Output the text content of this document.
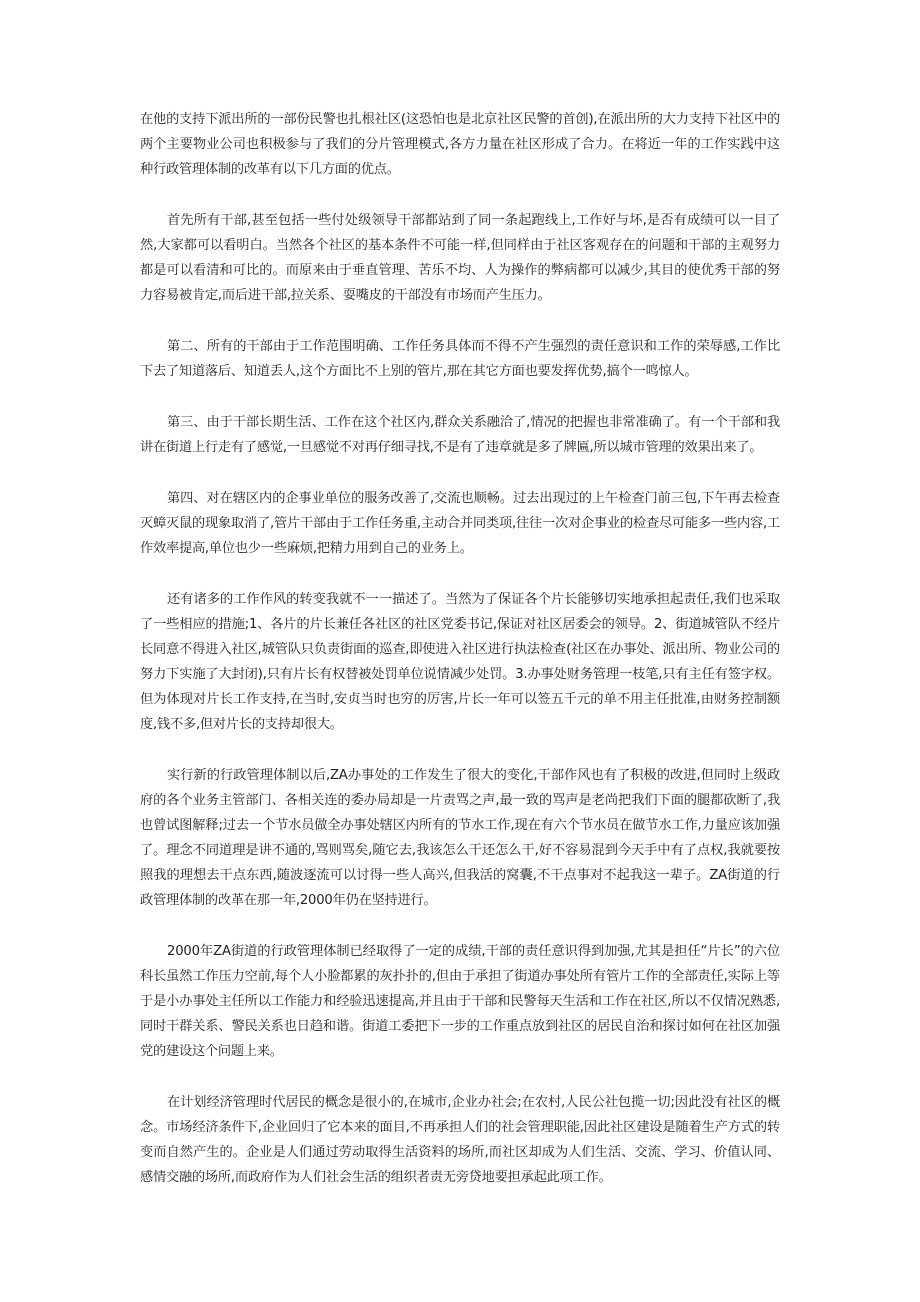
在他的支持下派出所的一部份民警也扎根社区(这恐怕也是北京社区民警的首创),在派出所的大力支持下社区中的两个主要物业公司也积极参与了我们的分片管理模式,各方力量在社区形成了合力。在将近一年的工作实践中这种行政管理体制的改革有以下几方面的优点。

首先所有干部,甚至包括一些付处级领导干部都站到了同一条起跑线上,工作好与坏,是否有成绩可以一目了然,大家都可以看明白。当然各个社区的基本条件不可能一样,但同样由于社区客观存在的问题和干部的主观努力都是可以看清和可比的。而原来由于垂直管理、苦乐不均、人为操作的弊病都可以减少,其目的使优秀干部的努力容易被肯定,而后进干部,拉关系、耍嘴皮的干部没有市场而产生压力。

第二、所有的干部由于工作范围明确、工作任务具体而不得不产生强烈的责任意识和工作的荣辱感,工作比下去了知道落后、知道丢人,这个方面比不上别的管片,那在其它方面也要发挥优势,搞个一鸣惊人。

第三、由于干部长期生活、工作在这个社区内,群众关系融洽了,情况的把握也非常准确了。有一个干部和我讲在街道上行走有了感觉,一旦感觉不对再仔细寻找,不是有了违章就是多了牌匾,所以城市管理的效果出来了。

第四、对在辖区内的企事业单位的服务改善了,交流也顺畅。过去出现过的上午检查门前三包,下午再去检查灭蟑灭鼠的现象取消了,管片干部由于工作任务重,主动合并同类项,往往一次对企事业的检查尽可能多一些内容,工作效率提高,单位也少一些麻烦,把精力用到自己的业务上。

还有诸多的工作作风的转变我就不一一描述了。当然为了保证各个片长能够切实地承担起责任,我们也采取了一些相应的措施;1、各片的片长兼任各社区的社区党委书记,保证对社区居委会的领导。2、街道城管队不经片长同意不得进入社区,城管队只负责街面的巡查,即使进入社区进行执法检查(社区在办事处、派出所、物业公司的努力下实施了大封闭),只有片长有权替被处罚单位说情减少处罚。3.办事处财务管理一枝笔,只有主任有签字权。但为体现对片长工作支持,在当时,安贞当时也穷的厉害,片长一年可以签五千元的单不用主任批准,由财务控制额度,钱不多,但对片长的支持却很大。

实行新的行政管理体制以后,ZA办事处的工作发生了很大的变化,干部作风也有了积极的改进,但同时上级政府的各个业务主管部门、各相关连的委办局却是一片责骂之声,最一致的骂声是老尚把我们下面的腿都砍断了,我也曾试图解释;过去一个节水员做全办事处辖区内所有的节水工作,现在有六个节水员在做节水工作,力量应该加强了。理念不同道理是讲不通的,骂则骂矣,随它去,我该怎么干还怎么干,好不容易混到今天手中有了点权,我就要按照我的理想去干点东西,随波逐流可以讨得一些人高兴,但我活的窝囊,不干点事对不起我这一辈子。ZA街道的行政管理体制的改革在那一年,2000年仍在坚持进行。

2000年ZA街道的行政管理体制已经取得了一定的成绩,干部的责任意识得到加强,尤其是担任“片长”的六位科长虽然工作压力空前,每个人小脸都累的灰扑扑的,但由于承担了街道办事处所有管片工作的全部责任,实际上等于是小办事处主任所以工作能力和经验迅速提高,并且由于干部和民警每天生活和工作在社区,所以不仅情况熟悉,同时干群关系、警民关系也日趋和谐。街道工委把下一步的工作重点放到社区的居民自治和探讨如何在社区加强党的建设这个问题上来。

在计划经济管理时代居民的概念是很小的,在城市,企业办社会;在农村,人民公社包揽一切;因此没有社区的概念。市场经济条件下,企业回归了它本来的面目,不再承担人们的社会管理职能,因此社区建设是随着生产方式的转变而自然产生的。企业是人们通过劳动取得生活资料的场所,而社区却成为人们生活、交流、学习、价值认同、感情交融的场所,而政府作为人们社会生活的组织者责无旁贷地要担承起此项工作。
